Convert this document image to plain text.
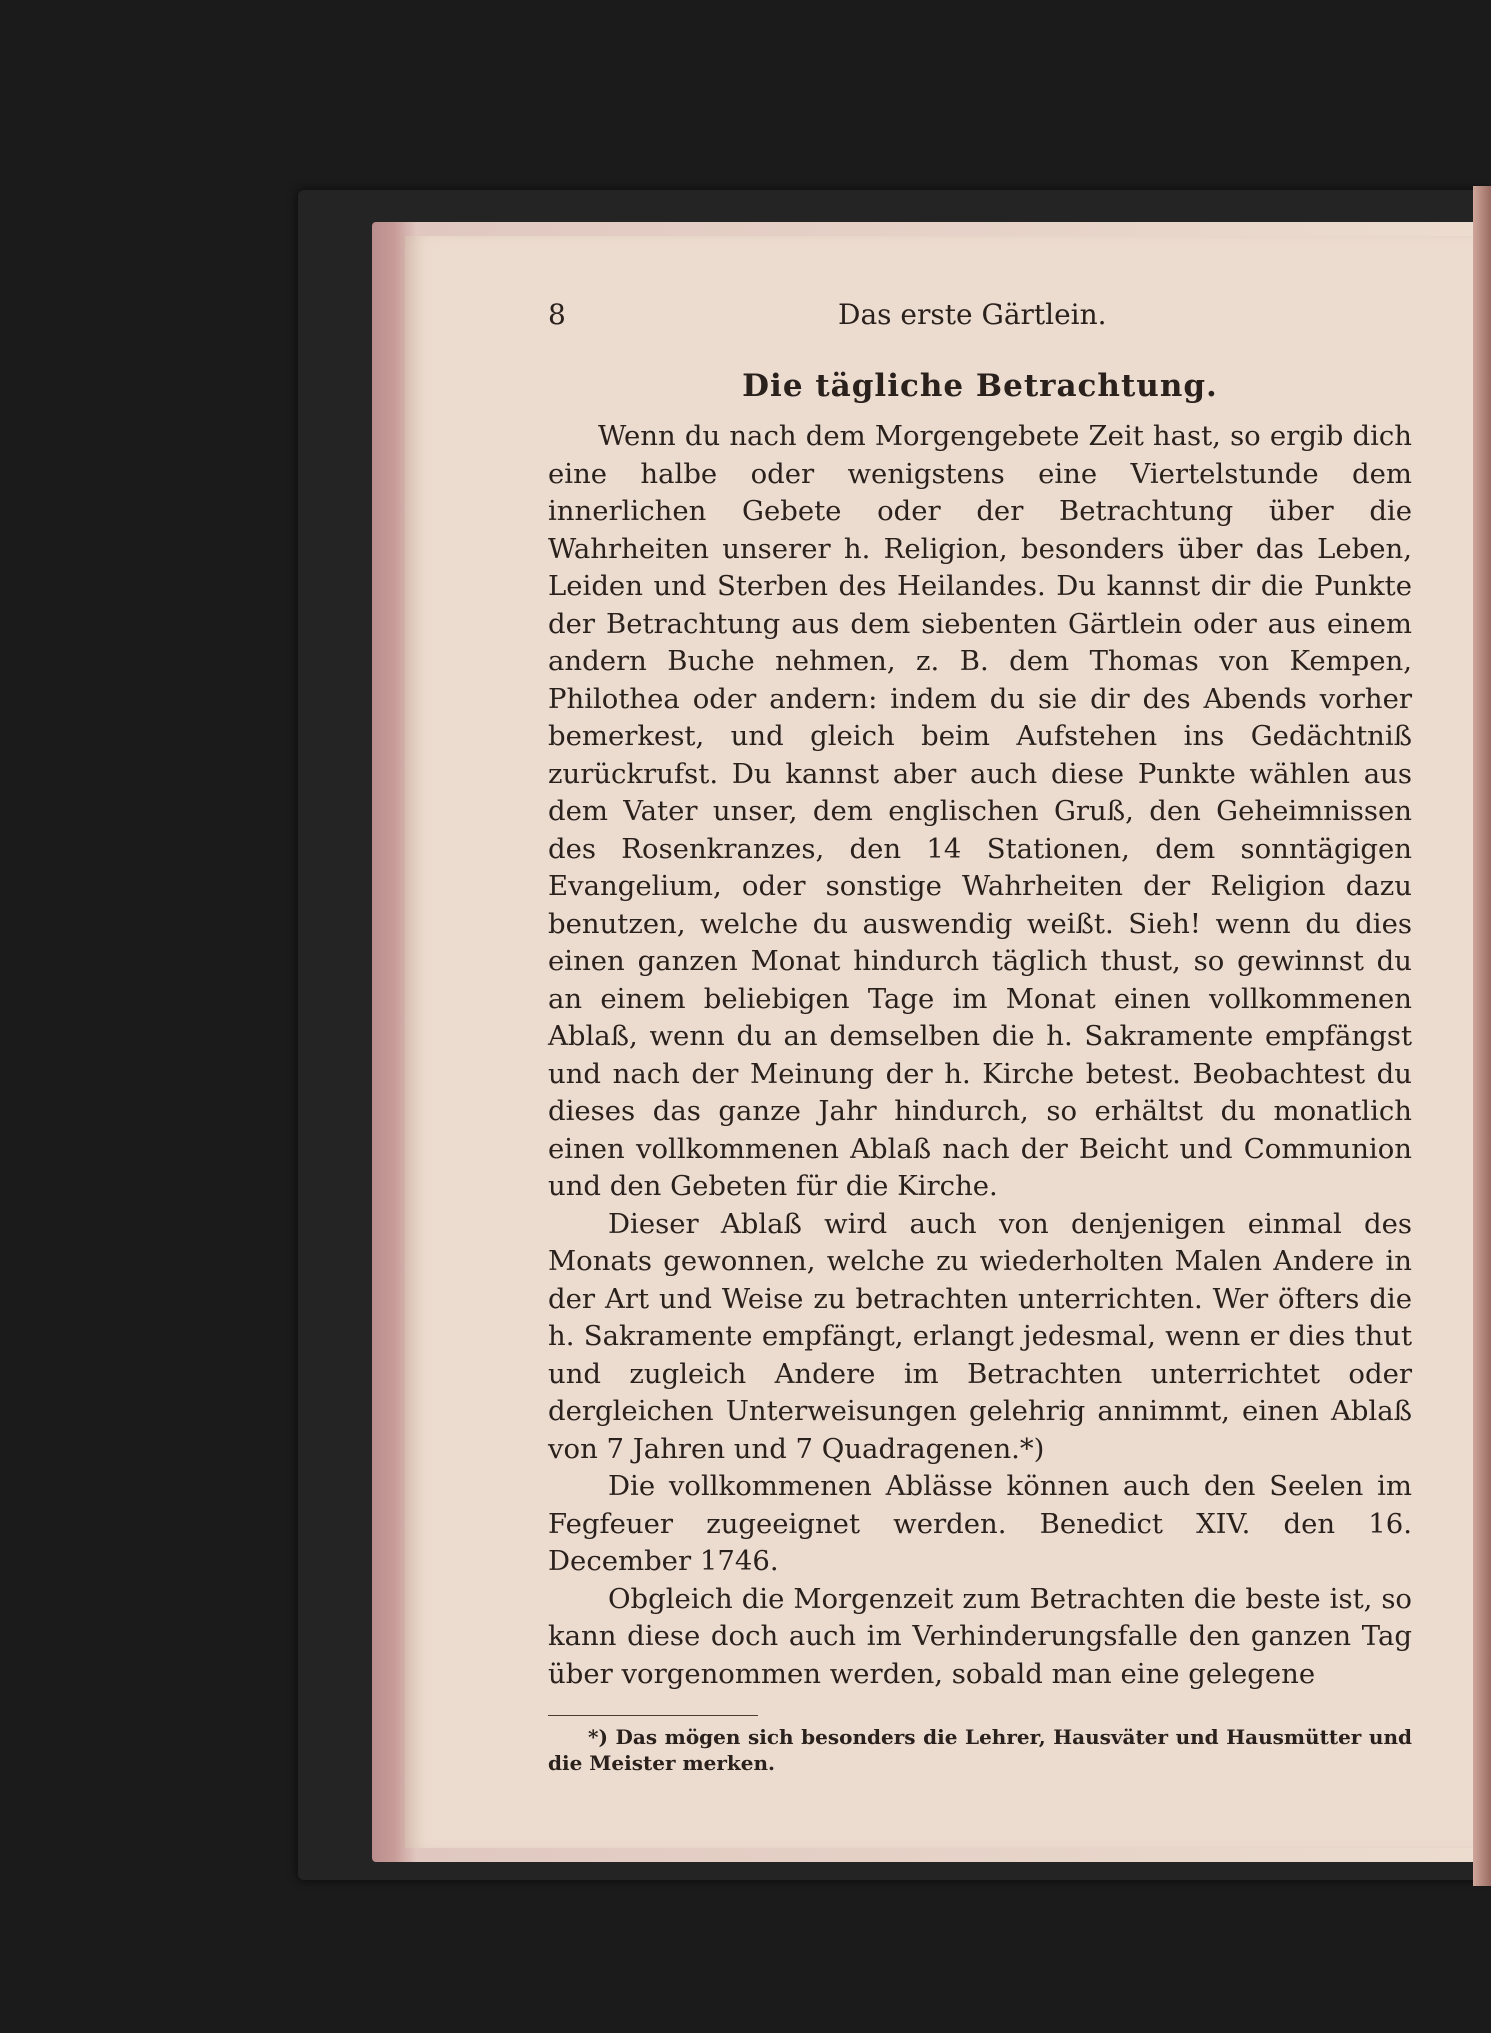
8	Das erste Gärtlein.
Die tägliche Betrachtung.

Wenn du nach dem Morgengebete Zeit hast, so ergib dich eine halbe oder wenigstens eine Viertelstunde dem innerlichen Gebete oder der Betrachtung über die Wahrheiten unserer h. Religion, besonders über das Leben, Leiden und Sterben des Heilandes. Du kannst dir die Punkte der Betrachtung aus dem siebenten Gärtlein oder aus einem andern Buche nehmen, z. B. dem Thomas von Kempen, Philothea oder andern: indem du sie dir des Abends vorher bemerkest, und gleich beim Aufstehen ins Gedächtniß zurückrufst. Du kannst aber auch diese Punkte wählen aus dem Vater unser, dem englischen Gruß, den Geheimnissen des Rosenkranzes, den 14 Stationen, dem sonntägigen Evangelium, oder sonstige Wahrheiten der Religion dazu benutzen, welche du auswendig weißt. Sieh! wenn du dies einen ganzen Monat hindurch täglich thust, so gewinnst du an einem beliebigen Tage im Monat einen vollkommenen Ablaß, wenn du an demselben die h. Sakramente empfängst und nach der Meinung der h. Kirche betest. Beobachtest du dieses das ganze Jahr hindurch, so erhältst du monatlich einen vollkommenen Ablaß nach der Beicht und Communion und den Gebeten für die Kirche.

Dieser Ablaß wird auch von denjenigen einmal des Monats gewonnen, welche zu wiederholten Malen Andere in der Art und Weise zu betrachten unterrichten. Wer öfters die h. Sakramente empfängt, erlangt jedesmal, wenn er dies thut und zugleich Andere im Betrachten unterrichtet oder dergleichen Unterweisungen gelehrig annimmt, einen Ablaß von 7 Jahren und 7 Quadragenen.*)

Die vollkommenen Ablässe können auch den Seelen im Fegfeuer zugeeignet werden. Benedict XIV. den 16. December 1746.

Obgleich die Morgenzeit zum Betrachten die beste ist, so kann diese doch auch im Verhinderungsfalle den ganzen Tag über vorgenommen werden, sobald man eine gelegene

*) Das mögen sich besonders die Lehrer, Hausväter und Hausmütter und die Meister merken.
